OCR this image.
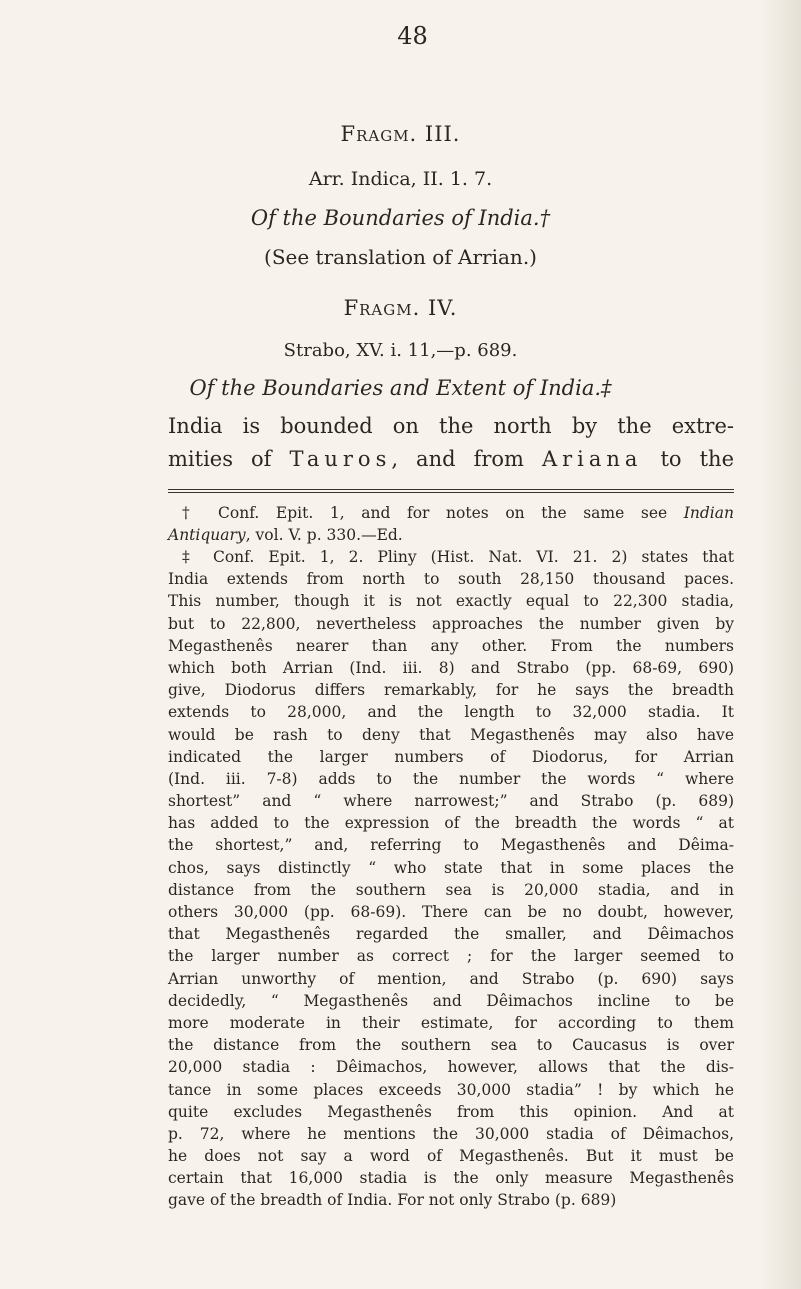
48
Fragm. III.
Arr. Indica, II. 1. 7.
Of the Boundaries of India.†
(See translation of Arrian.)
Fragm. IV.
Strabo, XV. i. 11,—p. 689.
Of the Boundaries and Extent of India.‡
India is bounded on the north by the extre-
mities of Tauros, and from Ariana to the
† Conf. Epit. 1, and for notes on the same see Indian
Antiquary, vol. V. p. 330.—Ed.
‡ Conf. Epit. 1, 2. Pliny (Hist. Nat. VI. 21. 2) states that
India extends from north to south 28,150 thousand paces.
This number, though it is not exactly equal to 22,300 stadia,
but to 22,800, nevertheless approaches the number given by
Megasthenês nearer than any other. From the numbers
which both Arrian (Ind. iii. 8) and Strabo (pp. 68-69, 690)
give, Diodorus differs remarkably, for he says the breadth
extends to 28,000, and the length to 32,000 stadia. It
would be rash to deny that Megasthenês may also have
indicated the larger numbers of Diodorus, for Arrian
(Ind. iii. 7-8) adds to the number the words “ where
shortest” and “ where narrowest;” and Strabo (p. 689)
has added to the expression of the breadth the words “ at
the shortest,” and, referring to Megasthenês and Dêima-
chos, says distinctly “ who state that in some places the
distance from the southern sea is 20,000 stadia, and in
others 30,000 (pp. 68-69). There can be no doubt, however,
that Megasthenês regarded the smaller, and Dêimachos
the larger number as correct ; for the larger seemed to
Arrian unworthy of mention, and Strabo (p. 690) says
decidedly, “ Megasthenês and Dêimachos incline to be
more moderate in their estimate, for according to them
the distance from the southern sea to Caucasus is over
20,000 stadia : Dêimachos, however, allows that the dis-
tance in some places exceeds 30,000 stadia” ! by which he
quite excludes Megasthenês from this opinion. And at
p. 72, where he mentions the 30,000 stadia of Dêimachos,
he does not say a word of Megasthenês. But it must be
certain that 16,000 stadia is the only measure Megasthenês
gave of the breadth of India. For not only Strabo (p. 689)
